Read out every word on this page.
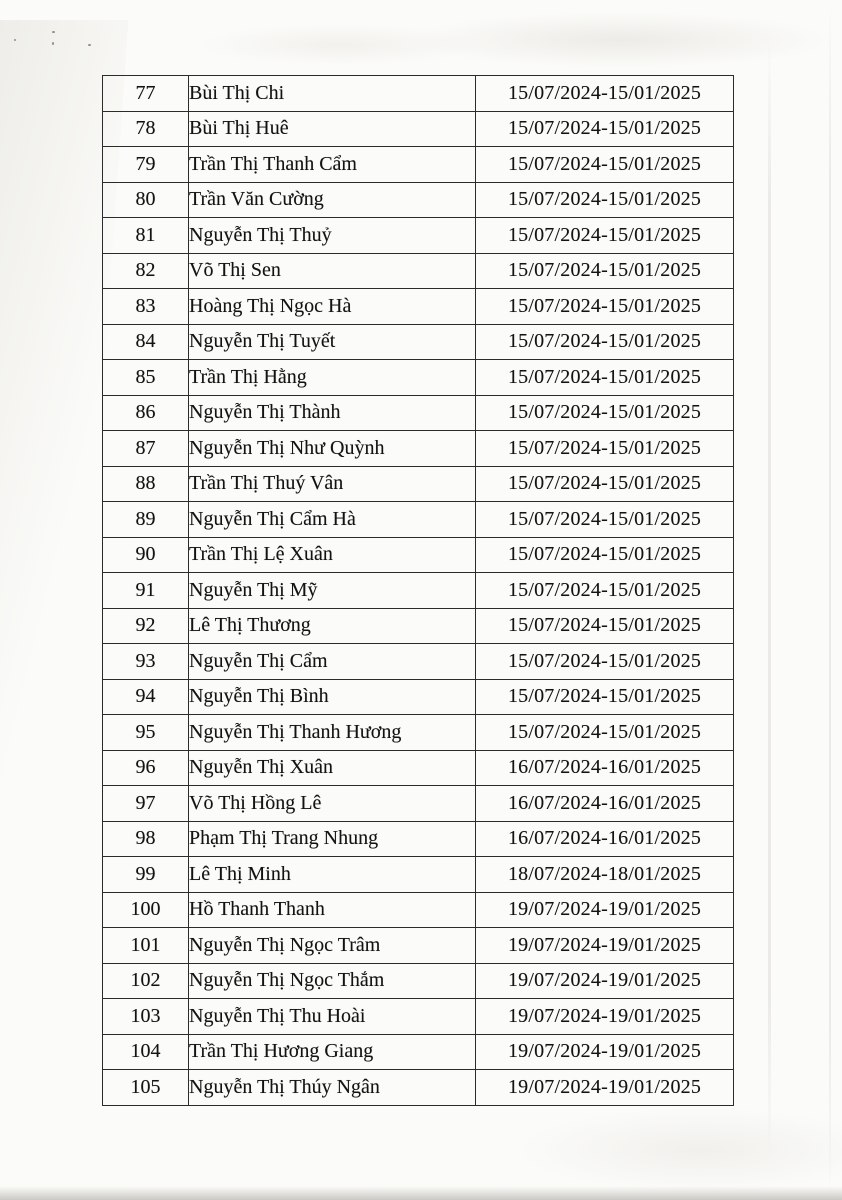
77	Bùi Thị Chi	15/07/2024-15/01/2025
78	Bùi Thị Huê	15/07/2024-15/01/2025
79	Trần Thị Thanh Cẩm	15/07/2024-15/01/2025
80	Trần Văn Cường	15/07/2024-15/01/2025
81	Nguyễn Thị Thuỷ	15/07/2024-15/01/2025
82	Võ Thị Sen	15/07/2024-15/01/2025
83	Hoàng Thị Ngọc Hà	15/07/2024-15/01/2025
84	Nguyễn Thị Tuyết	15/07/2024-15/01/2025
85	Trần Thị Hằng	15/07/2024-15/01/2025
86	Nguyễn Thị Thành	15/07/2024-15/01/2025
87	Nguyễn Thị Như Quỳnh	15/07/2024-15/01/2025
88	Trần Thị Thuý Vân	15/07/2024-15/01/2025
89	Nguyễn Thị Cẩm Hà	15/07/2024-15/01/2025
90	Trần Thị Lệ Xuân	15/07/2024-15/01/2025
91	Nguyễn Thị Mỹ	15/07/2024-15/01/2025
92	Lê Thị Thương	15/07/2024-15/01/2025
93	Nguyễn Thị Cẩm	15/07/2024-15/01/2025
94	Nguyễn Thị Bình	15/07/2024-15/01/2025
95	Nguyễn Thị Thanh Hương	15/07/2024-15/01/2025
96	Nguyễn Thị Xuân	16/07/2024-16/01/2025
97	Võ Thị Hồng Lê	16/07/2024-16/01/2025
98	Phạm Thị Trang Nhung	16/07/2024-16/01/2025
99	Lê Thị Minh	18/07/2024-18/01/2025
100	Hồ Thanh Thanh	19/07/2024-19/01/2025
101	Nguyễn Thị Ngọc Trâm	19/07/2024-19/01/2025
102	Nguyễn Thị Ngọc Thắm	19/07/2024-19/01/2025
103	Nguyễn Thị Thu Hoài	19/07/2024-19/01/2025
104	Trần Thị Hương Giang	19/07/2024-19/01/2025
105	Nguyễn Thị Thúy Ngân	19/07/2024-19/01/2025
